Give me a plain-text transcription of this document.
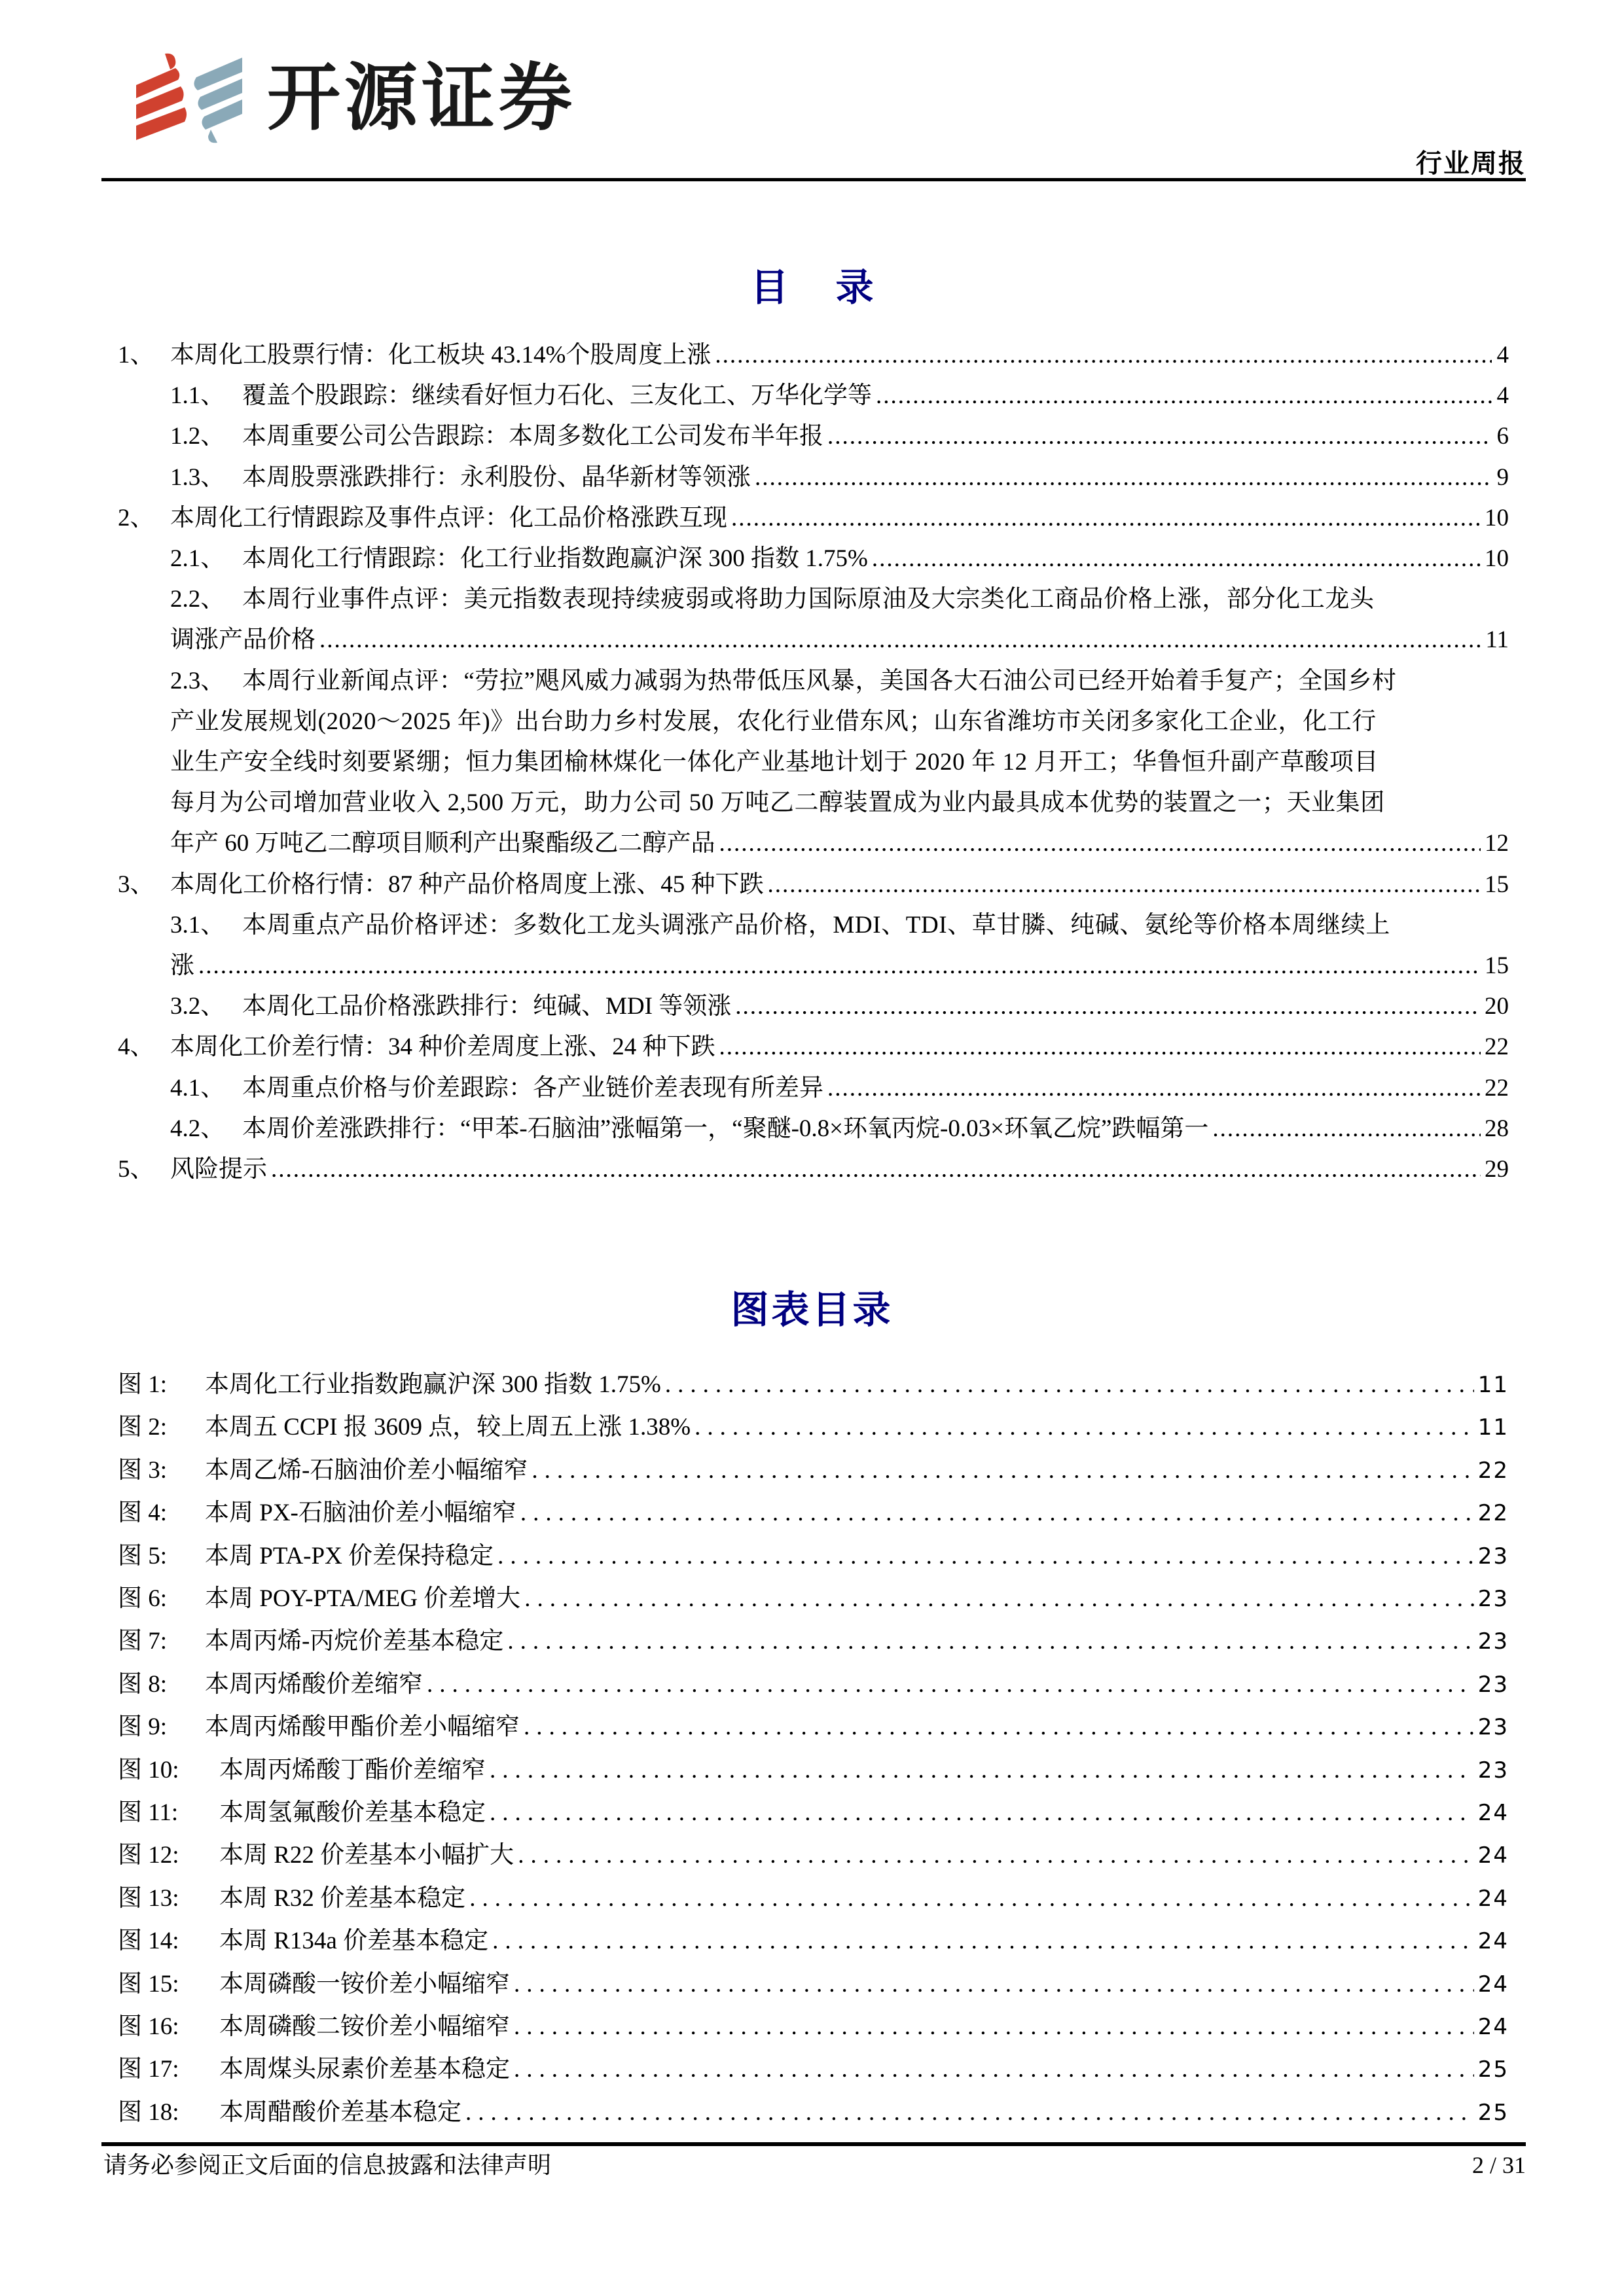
开源证券
行业周报
目录
1、 本周化工股票行情：化工板块 43.14%个股周度上涨 .....	4
1.1、 覆盖个股跟踪：继续看好恒力石化、三友化工、万华化学等 .....	4
1.2、 本周重要公司公告跟踪：本周多数化工公司发布半年报 .....	6
1.3、 本周股票涨跌排行：永利股份、晶华新材等领涨 .....	9
2、 本周化工行情跟踪及事件点评：化工品价格涨跌互现 .....	10
2.1、 本周化工行情跟踪：化工行业指数跑赢沪深 300 指数 1.75% .....	10
2.2、 本周行业事件点评：美元指数表现持续疲弱或将助力国际原油及大宗类化工商品价格上涨，部分化工龙头
调涨产品价格 .....	11
2.3、 本周行业新闻点评：“劳拉”飓风威力减弱为热带低压风暴，美国各大石油公司已经开始着手复产；全国乡村
产业发展规划(2020～2025 年)》出台助力乡村发展，农化行业借东风；山东省潍坊市关闭多家化工企业，化工行
业生产安全线时刻要紧绷；恒力集团榆林煤化一体化产业基地计划于 2020 年 12 月开工；华鲁恒升副产草酸项目
每月为公司增加营业收入 2,500 万元，助力公司 50 万吨乙二醇装置成为业内最具成本优势的装置之一；天业集团
年产 60 万吨乙二醇项目顺利产出聚酯级乙二醇产品 .....	12
3、 本周化工价格行情：87 种产品价格周度上涨、45 种下跌 .....	15
3.1、 本周重点产品价格评述：多数化工龙头调涨产品价格，MDI、TDI、草甘膦、纯碱、氨纶等价格本周继续上
涨 .....	15
3.2、 本周化工品价格涨跌排行：纯碱、MDI 等领涨 .....	20
4、 本周化工价差行情：34 种价差周度上涨、24 种下跌 .....	22
4.1、 本周重点价格与价差跟踪：各产业链价差表现有所差异 .....	22
4.2、 本周价差涨跌排行：“甲苯-石脑油”涨幅第一，“聚醚-0.8×环氧丙烷-0.03×环氧乙烷”跌幅第一 .....	28
5、 风险提示 .....	29
图表目录
图 1: 本周化工行业指数跑赢沪深 300 指数 1.75% .....	11
图 2: 本周五 CCPI 报 3609 点，较上周五上涨 1.38% .....	11
图 3: 本周乙烯-石脑油价差小幅缩窄 .....	22
图 4: 本周 PX-石脑油价差小幅缩窄 .....	22
图 5: 本周 PTA-PX 价差保持稳定 .....	23
图 6: 本周 POY-PTA/MEG 价差增大 .....	23
图 7: 本周丙烯-丙烷价差基本稳定 .....	23
图 8: 本周丙烯酸价差缩窄 .....	23
图 9: 本周丙烯酸甲酯价差小幅缩窄 .....	23
图 10: 本周丙烯酸丁酯价差缩窄 .....	23
图 11: 本周氢氟酸价差基本稳定 .....	24
图 12: 本周 R22 价差基本小幅扩大 .....	24
图 13: 本周 R32 价差基本稳定 .....	24
图 14: 本周 R134a 价差基本稳定 .....	24
图 15: 本周磷酸一铵价差小幅缩窄 .....	24
图 16: 本周磷酸二铵价差小幅缩窄 .....	24
图 17: 本周煤头尿素价差基本稳定 .....	25
图 18: 本周醋酸价差基本稳定 .....	25
请务必参阅正文后面的信息披露和法律声明	2 / 31
